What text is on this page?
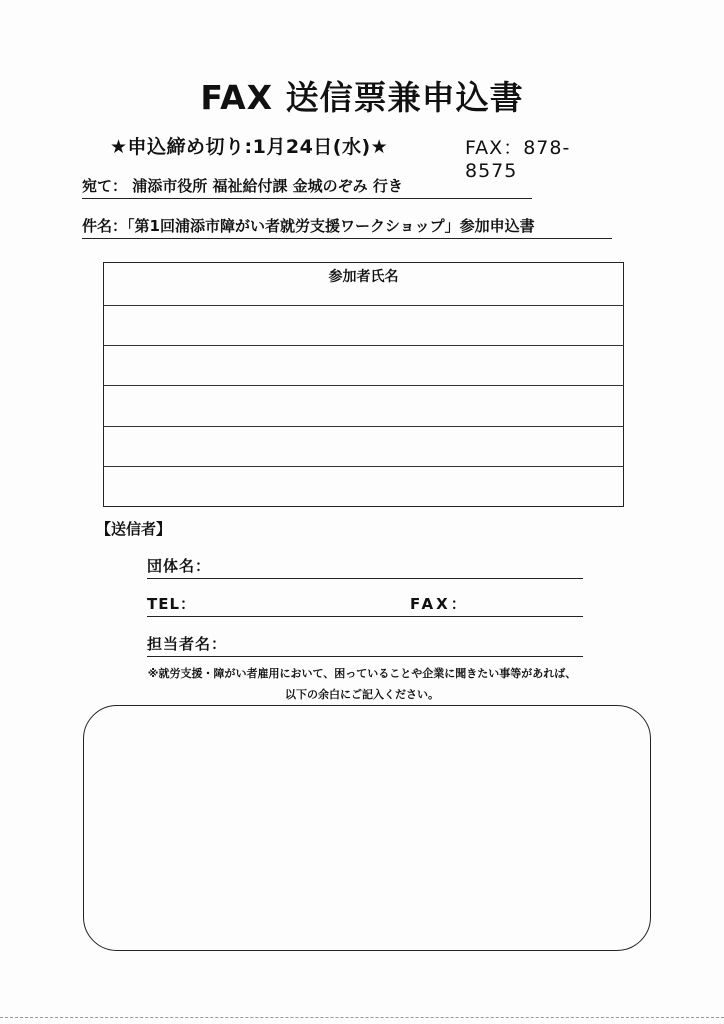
FAX 送信票兼申込書
★申込締め切り:1月24日(水)★	FAX：878-8575
宛て： 浦添市役所 福祉給付課 金城のぞみ 行き
件名：「第1回浦添市障がい者就労支援ワークショップ」参加申込書
参加者氏名

【送信者】
団体名：
TEL：	FAX：
担当者名：
※就労支援・障がい者雇用において、困っていることや企業に聞きたい事等があれば、
以下の余白にご記入ください。
